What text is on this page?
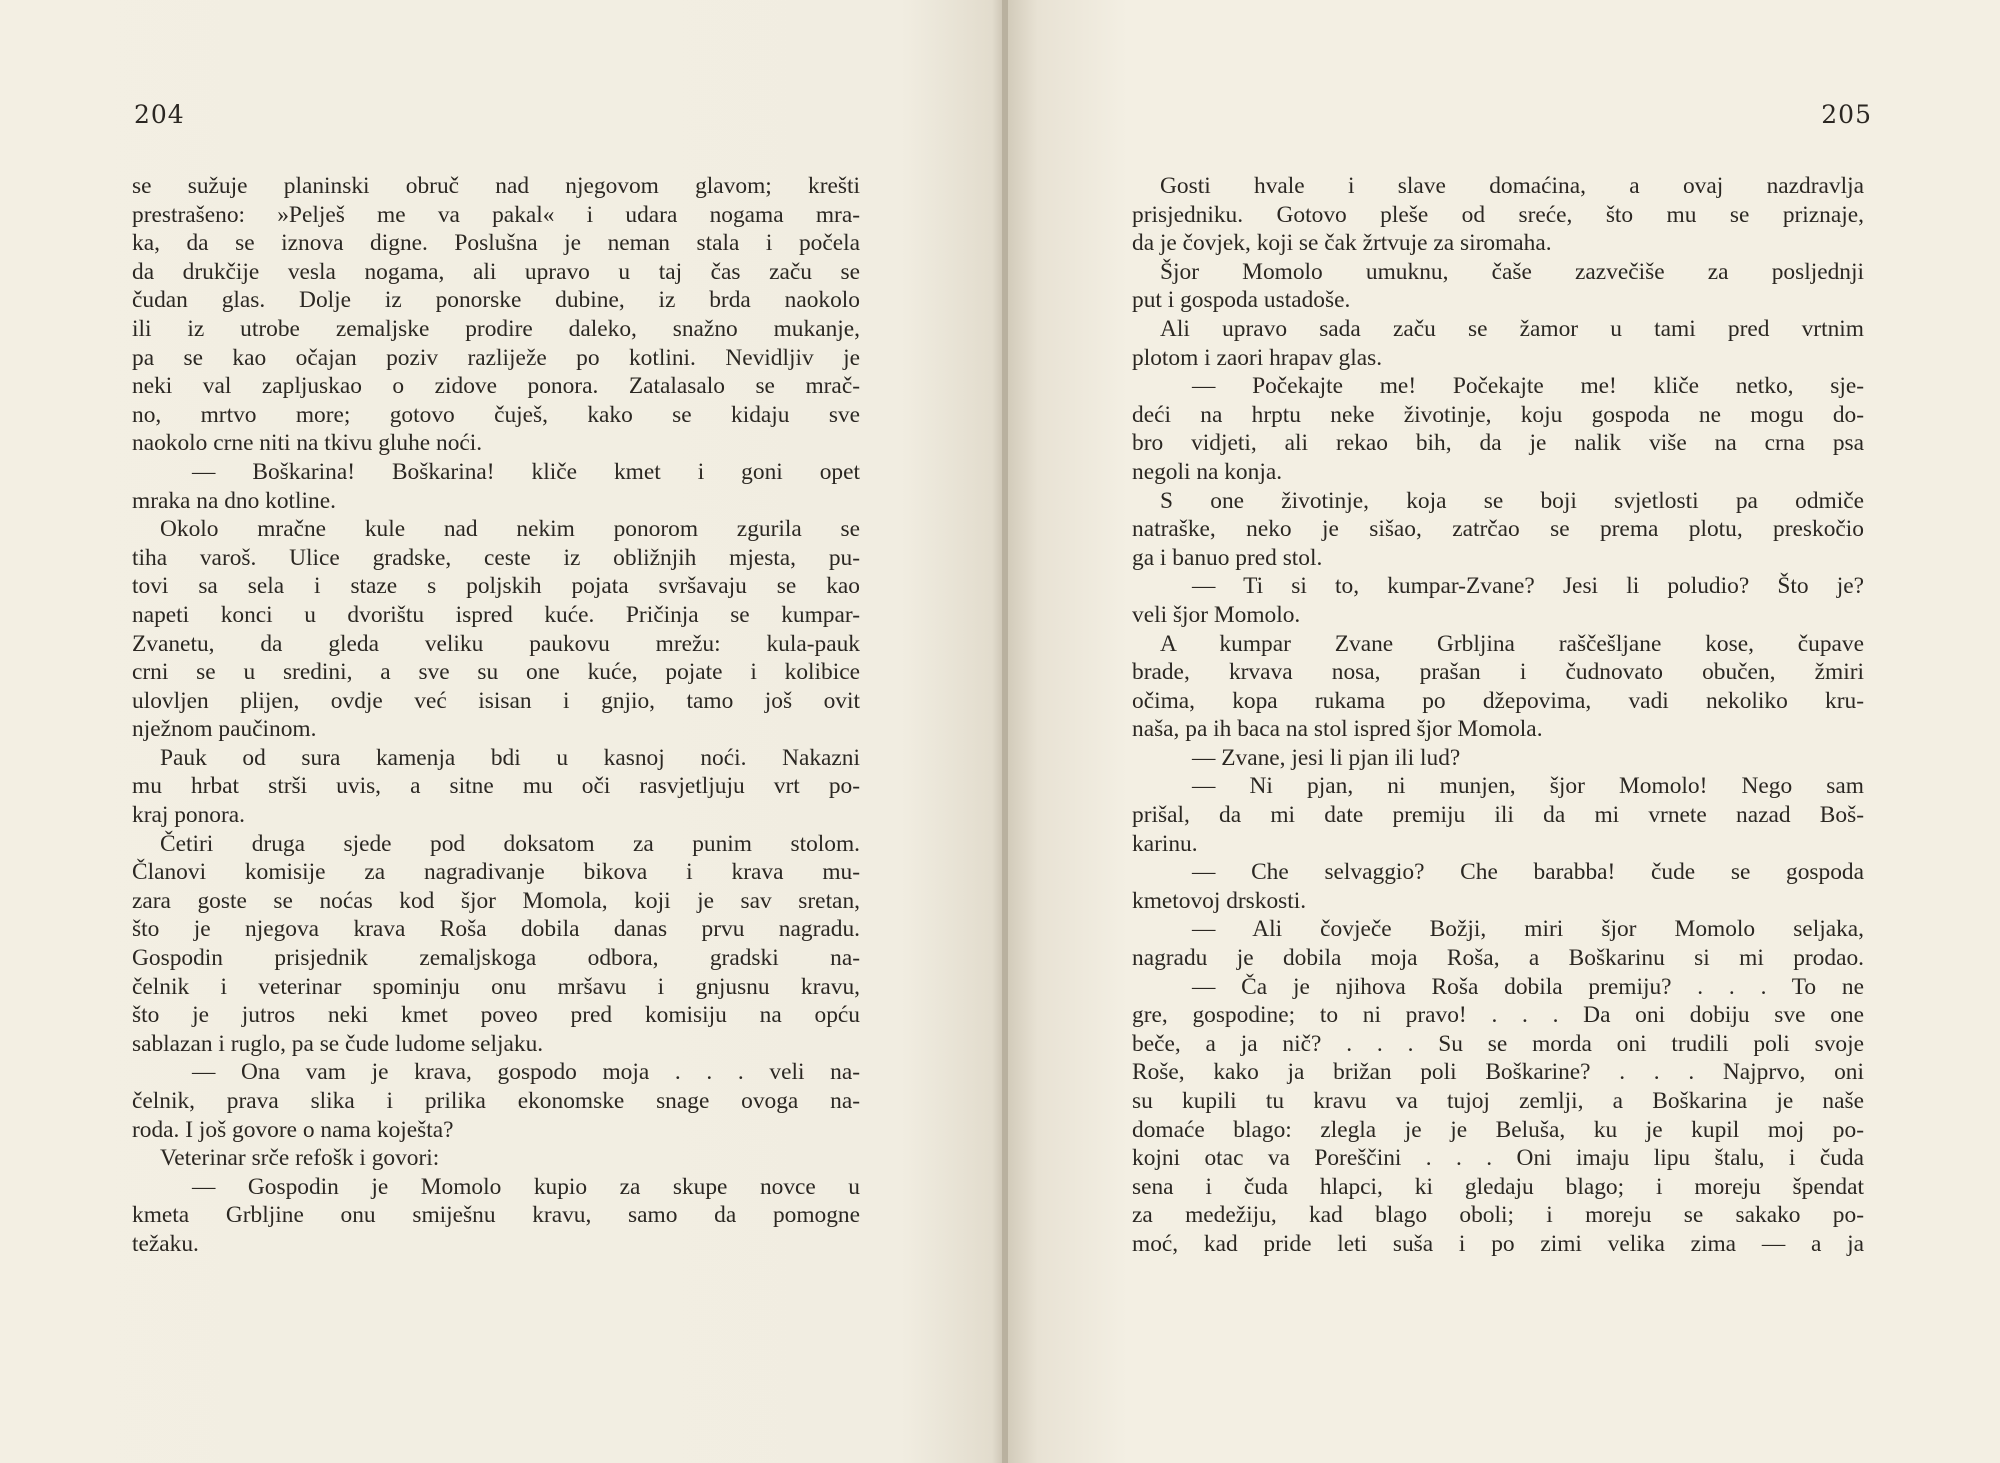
204
se sužuje planinski obruč nad njegovom glavom; krešti
prestrašeno: »Pelješ me va pakal« i udara nogama mra-
ka, da se iznova digne. Poslušna je neman stala i počela
da drukčije vesla nogama, ali upravo u taj čas začu se
čudan glas. Dolje iz ponorske dubine, iz brda naokolo
ili iz utrobe zemaljske prodire daleko, snažno mukanje,
pa se kao očajan poziv razliježe po kotlini. Nevidljiv je
neki val zapljuskao o zidove ponora. Zatalasalo se mrač-
no, mrtvo more; gotovo čuješ, kako se kidaju sve
naokolo crne niti na tkivu gluhe noći.
— Boškarina! Boškarina! kliče kmet i goni opet
mraka na dno kotline.
Okolo mračne kule nad nekim ponorom zgurila se
tiha varoš. Ulice gradske, ceste iz obližnjih mjesta, pu-
tovi sa sela i staze s poljskih pojata svršavaju se kao
napeti konci u dvorištu ispred kuće. Pričinja se kumpar-
Zvanetu, da gleda veliku paukovu mrežu: kula-pauk
crni se u sredini, a sve su one kuće, pojate i kolibice
ulovljen plijen, ovdje već isisan i gnjio, tamo još ovit
nježnom paučinom.
Pauk od sura kamenja bdi u kasnoj noći. Nakazni
mu hrbat strši uvis, a sitne mu oči rasvjetljuju vrt po-
kraj ponora.
Četiri druga sjede pod doksatom za punim stolom.
Članovi komisije za nagradivanje bikova i krava mu-
zara goste se noćas kod šjor Momola, koji je sav sretan,
što je njegova krava Roša dobila danas prvu nagradu.
Gospodin prisjednik zemaljskoga odbora, gradski na-
čelnik i veterinar spominju onu mršavu i gnjusnu kravu,
što je jutros neki kmet poveo pred komisiju na opću
sablazan i ruglo, pa se čude ludome seljaku.
— Ona vam je krava, gospodo moja . . . veli na-
čelnik, prava slika i prilika ekonomske snage ovoga na-
roda. I još govore o nama koješta?
Veterinar srče refošk i govori:
— Gospodin je Momolo kupio za skupe novce u
kmeta Grbljine onu smiješnu kravu, samo da pomogne
težaku.
205
Gosti hvale i slave domaćina, a ovaj nazdravlja
prisjedniku. Gotovo pleše od sreće, što mu se priznaje,
da je čovjek, koji se čak žrtvuje za siromaha.
Šjor Momolo umuknu, čaše zazvečiše za posljednji
put i gospoda ustadoše.
Ali upravo sada začu se žamor u tami pred vrtnim
plotom i zaori hrapav glas.
— Počekajte me! Počekajte me! kliče netko, sje-
deći na hrptu neke životinje, koju gospoda ne mogu do-
bro vidjeti, ali rekao bih, da je nalik više na crna psa
negoli na konja.
S one životinje, koja se boji svjetlosti pa odmiče
natraške, neko je sišao, zatrčao se prema plotu, preskočio
ga i banuo pred stol.
— Ti si to, kumpar-Zvane? Jesi li poludio? Što je?
veli šjor Momolo.
A kumpar Zvane Grbljina raščešljane kose, čupave
brade, krvava nosa, prašan i čudnovato obučen, žmiri
očima, kopa rukama po džepovima, vadi nekoliko kru-
naša, pa ih baca na stol ispred šjor Momola.
— Zvane, jesi li pjan ili lud?
— Ni pjan, ni munjen, šjor Momolo! Nego sam
prišal, da mi date premiju ili da mi vrnete nazad Boš-
karinu.
— Che selvaggio? Che barabba! čude se gospoda
kmetovoj drskosti.
— Ali čovječe Božji, miri šjor Momolo seljaka,
nagradu je dobila moja Roša, a Boškarinu si mi prodao.
— Ča je njihova Roša dobila premiju? . . . To ne
gre, gospodine; to ni pravo! . . . Da oni dobiju sve one
beče, a ja nič? . . . Su se morda oni trudili poli svoje
Roše, kako ja brižan poli Boškarine? . . . Najprvo, oni
su kupili tu kravu va tujoj zemlji, a Boškarina je naše
domaće blago: zlegla je je Beluša, ku je kupil moj po-
kojni otac va Poreščini . . . Oni imaju lipu štalu, i čuda
sena i čuda hlapci, ki gledaju blago; i moreju špendat
za medežiju, kad blago oboli; i moreju se sakako po-
moć, kad pride leti suša i po zimi velika zima — a ja
